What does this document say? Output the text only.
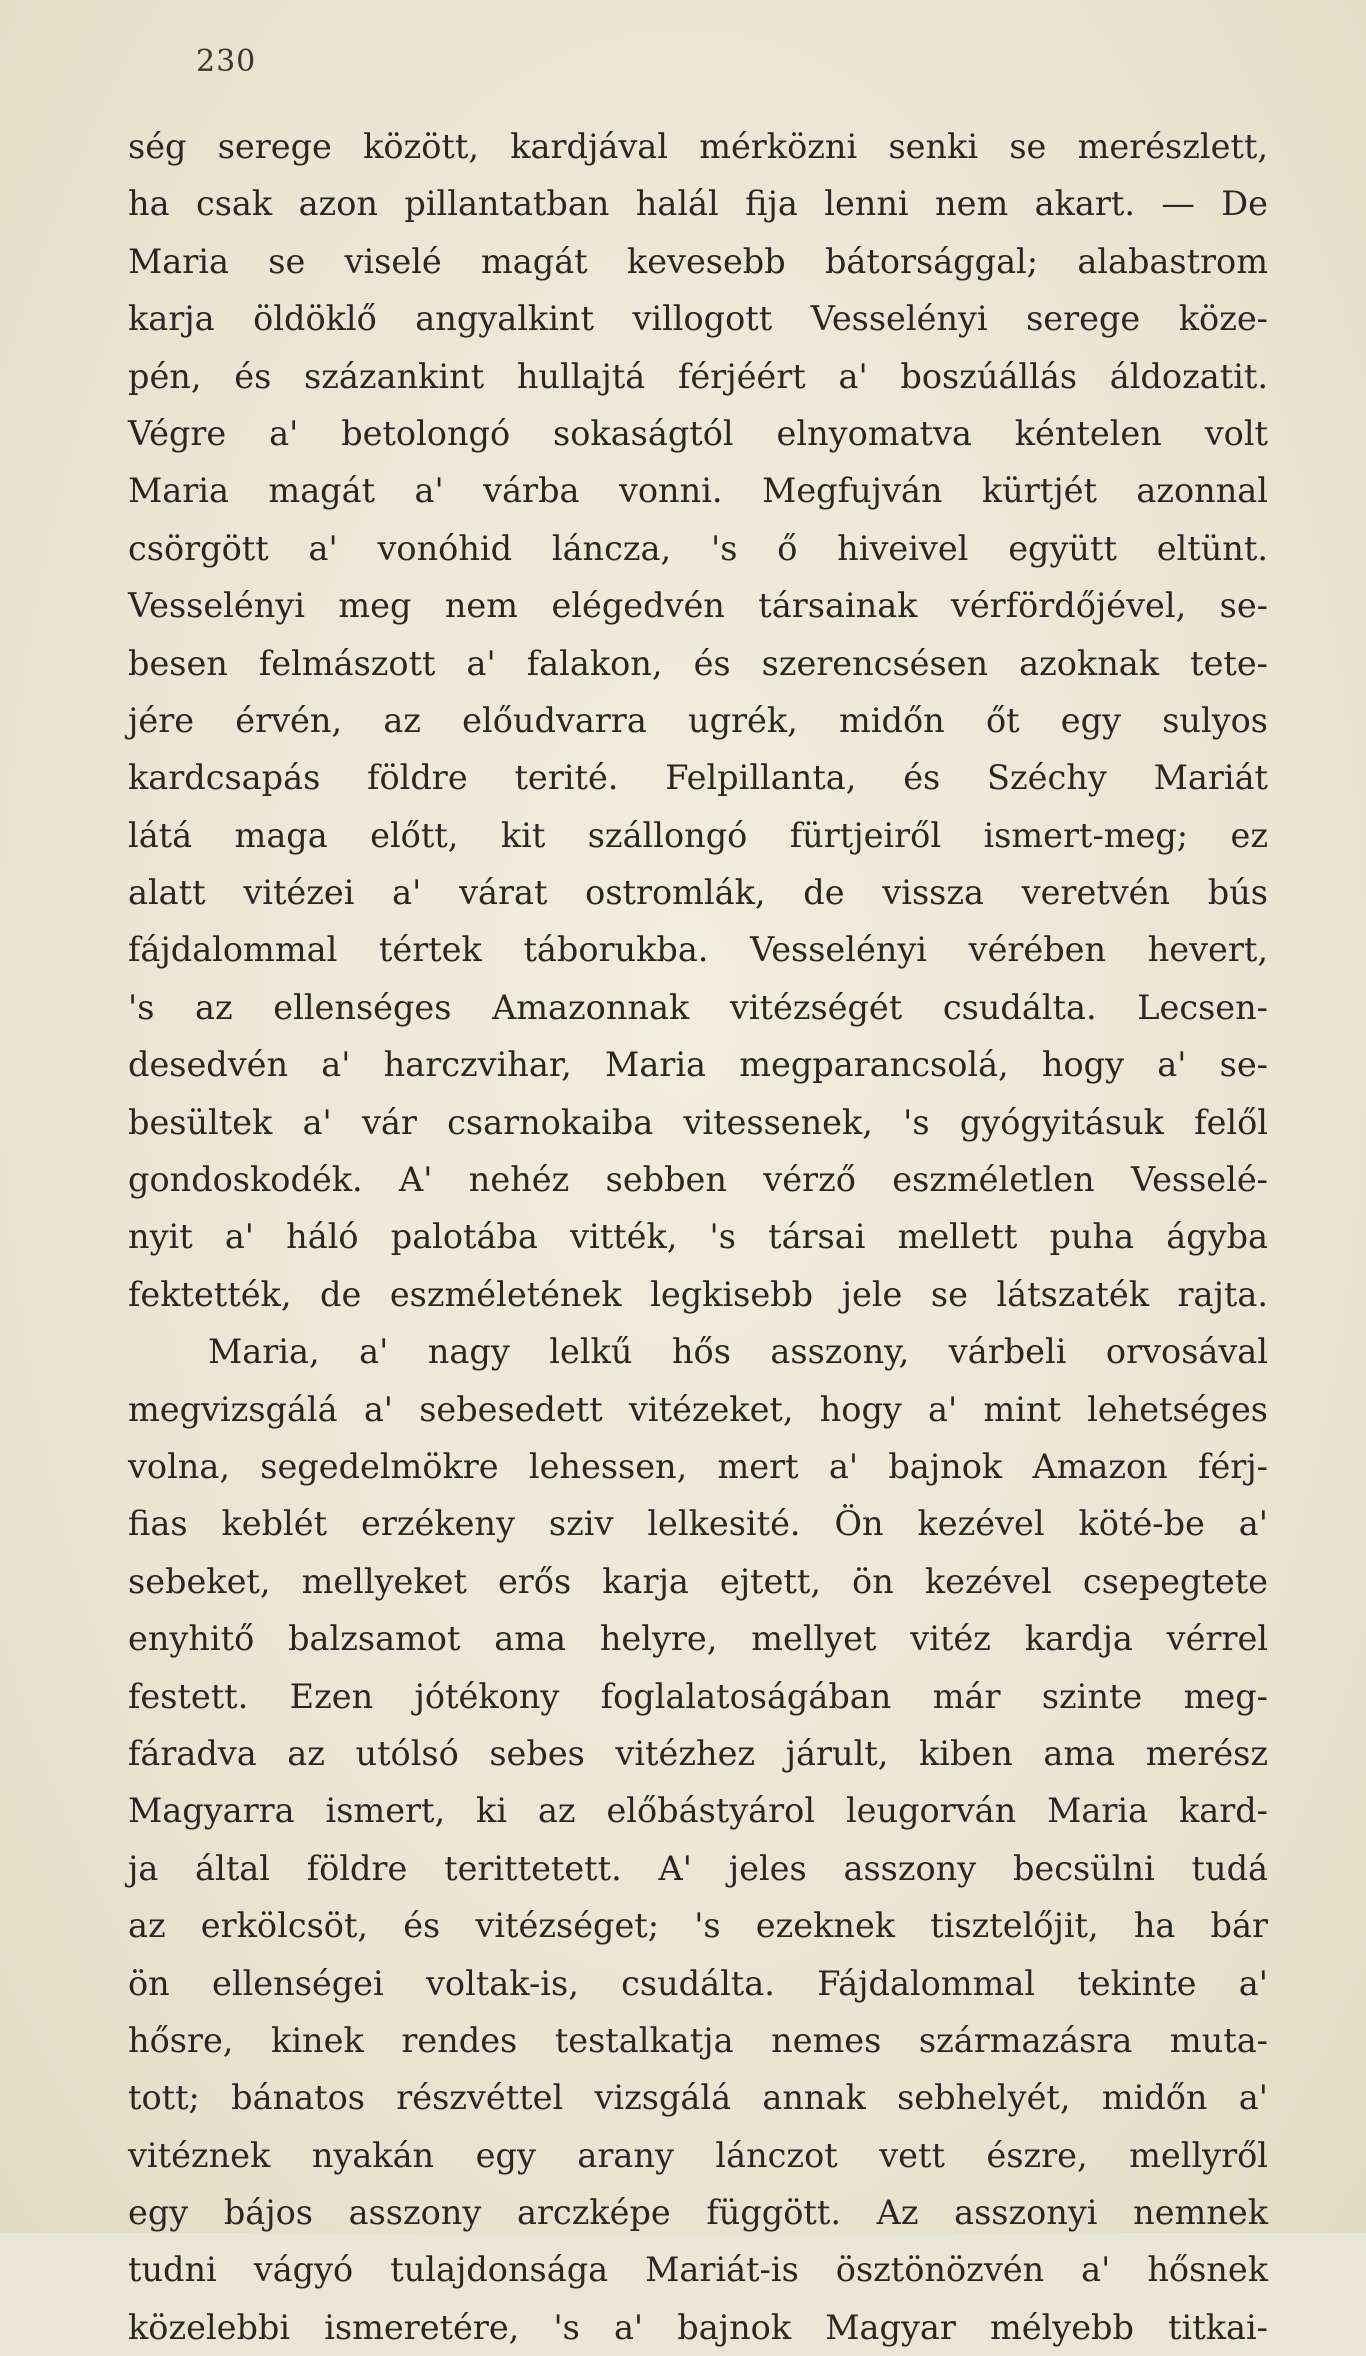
230
ség serege között, kardjával mérközni senki se merészlett,
ha csak azon pillantatban halál fija lenni nem akart. — De
Maria se viselé magát kevesebb bátorsággal; alabastrom
karja öldöklő angyalkint villogott Vesselényi serege köze-
pén, és százankint hullajtá férjéért a' boszúállás áldozatit.
Végre a' betolongó sokaságtól elnyomatva kéntelen volt
Maria magát a' várba vonni. Megfujván kürtjét azonnal
csörgött a' vonóhid láncza, 's ő hiveivel együtt eltünt.
Vesselényi meg nem elégedvén társainak vérfördőjével, se-
besen felmászott a' falakon, és szerencsésen azoknak tete-
jére érvén, az előudvarra ugrék, midőn őt egy sulyos
kardcsapás földre terité. Felpillanta, és Széchy Mariát
látá maga előtt, kit szállongó fürtjeiről ismert-meg; ez
alatt vitézei a' várat ostromlák, de vissza veretvén bús
fájdalommal tértek táborukba. Vesselényi vérében hevert,
's az ellenséges Amazonnak vitézségét csudálta. Lecsen-
desedvén a' harczvihar, Maria megparancsolá, hogy a' se-
besültek a' vár csarnokaiba vitessenek, 's gyógyitásuk felől
gondoskodék. A' nehéz sebben vérző eszméletlen Vesselé-
nyit a' háló palotába vitték, 's társai mellett puha ágyba
fektették, de eszméletének legkisebb jele se látszaték rajta.
Maria, a' nagy lelkű hős asszony, várbeli orvosával
megvizsgálá a' sebesedett vitézeket, hogy a' mint lehetséges
volna, segedelmökre lehessen, mert a' bajnok Amazon férj-
fias keblét erzékeny sziv lelkesité. Ön kezével köté-be a'
sebeket, mellyeket erős karja ejtett, ön kezével csepegtete
enyhitő balzsamot ama helyre, mellyet vitéz kardja vérrel
festett. Ezen jótékony foglalatoságában már szinte meg-
fáradva az utólsó sebes vitézhez járult, kiben ama merész
Magyarra ismert, ki az előbástyárol leugorván Maria kard-
ja által földre terittetett. A' jeles asszony becsülni tudá
az erkölcsöt, és vitézséget; 's ezeknek tisztelőjit, ha bár
ön ellenségei voltak-is, csudálta. Fájdalommal tekinte a'
hősre, kinek rendes testalkatja nemes származásra muta-
tott; bánatos részvéttel vizsgálá annak sebhelyét, midőn a'
vitéznek nyakán egy arany lánczot vett észre, mellyről
egy bájos asszony arczképe függött. Az asszonyi nemnek
tudni vágyó tulajdonsága Mariát-is ösztönözvén a' hősnek
közelebbi ismeretére, 's a' bajnok Magyar mélyebb titkai-
